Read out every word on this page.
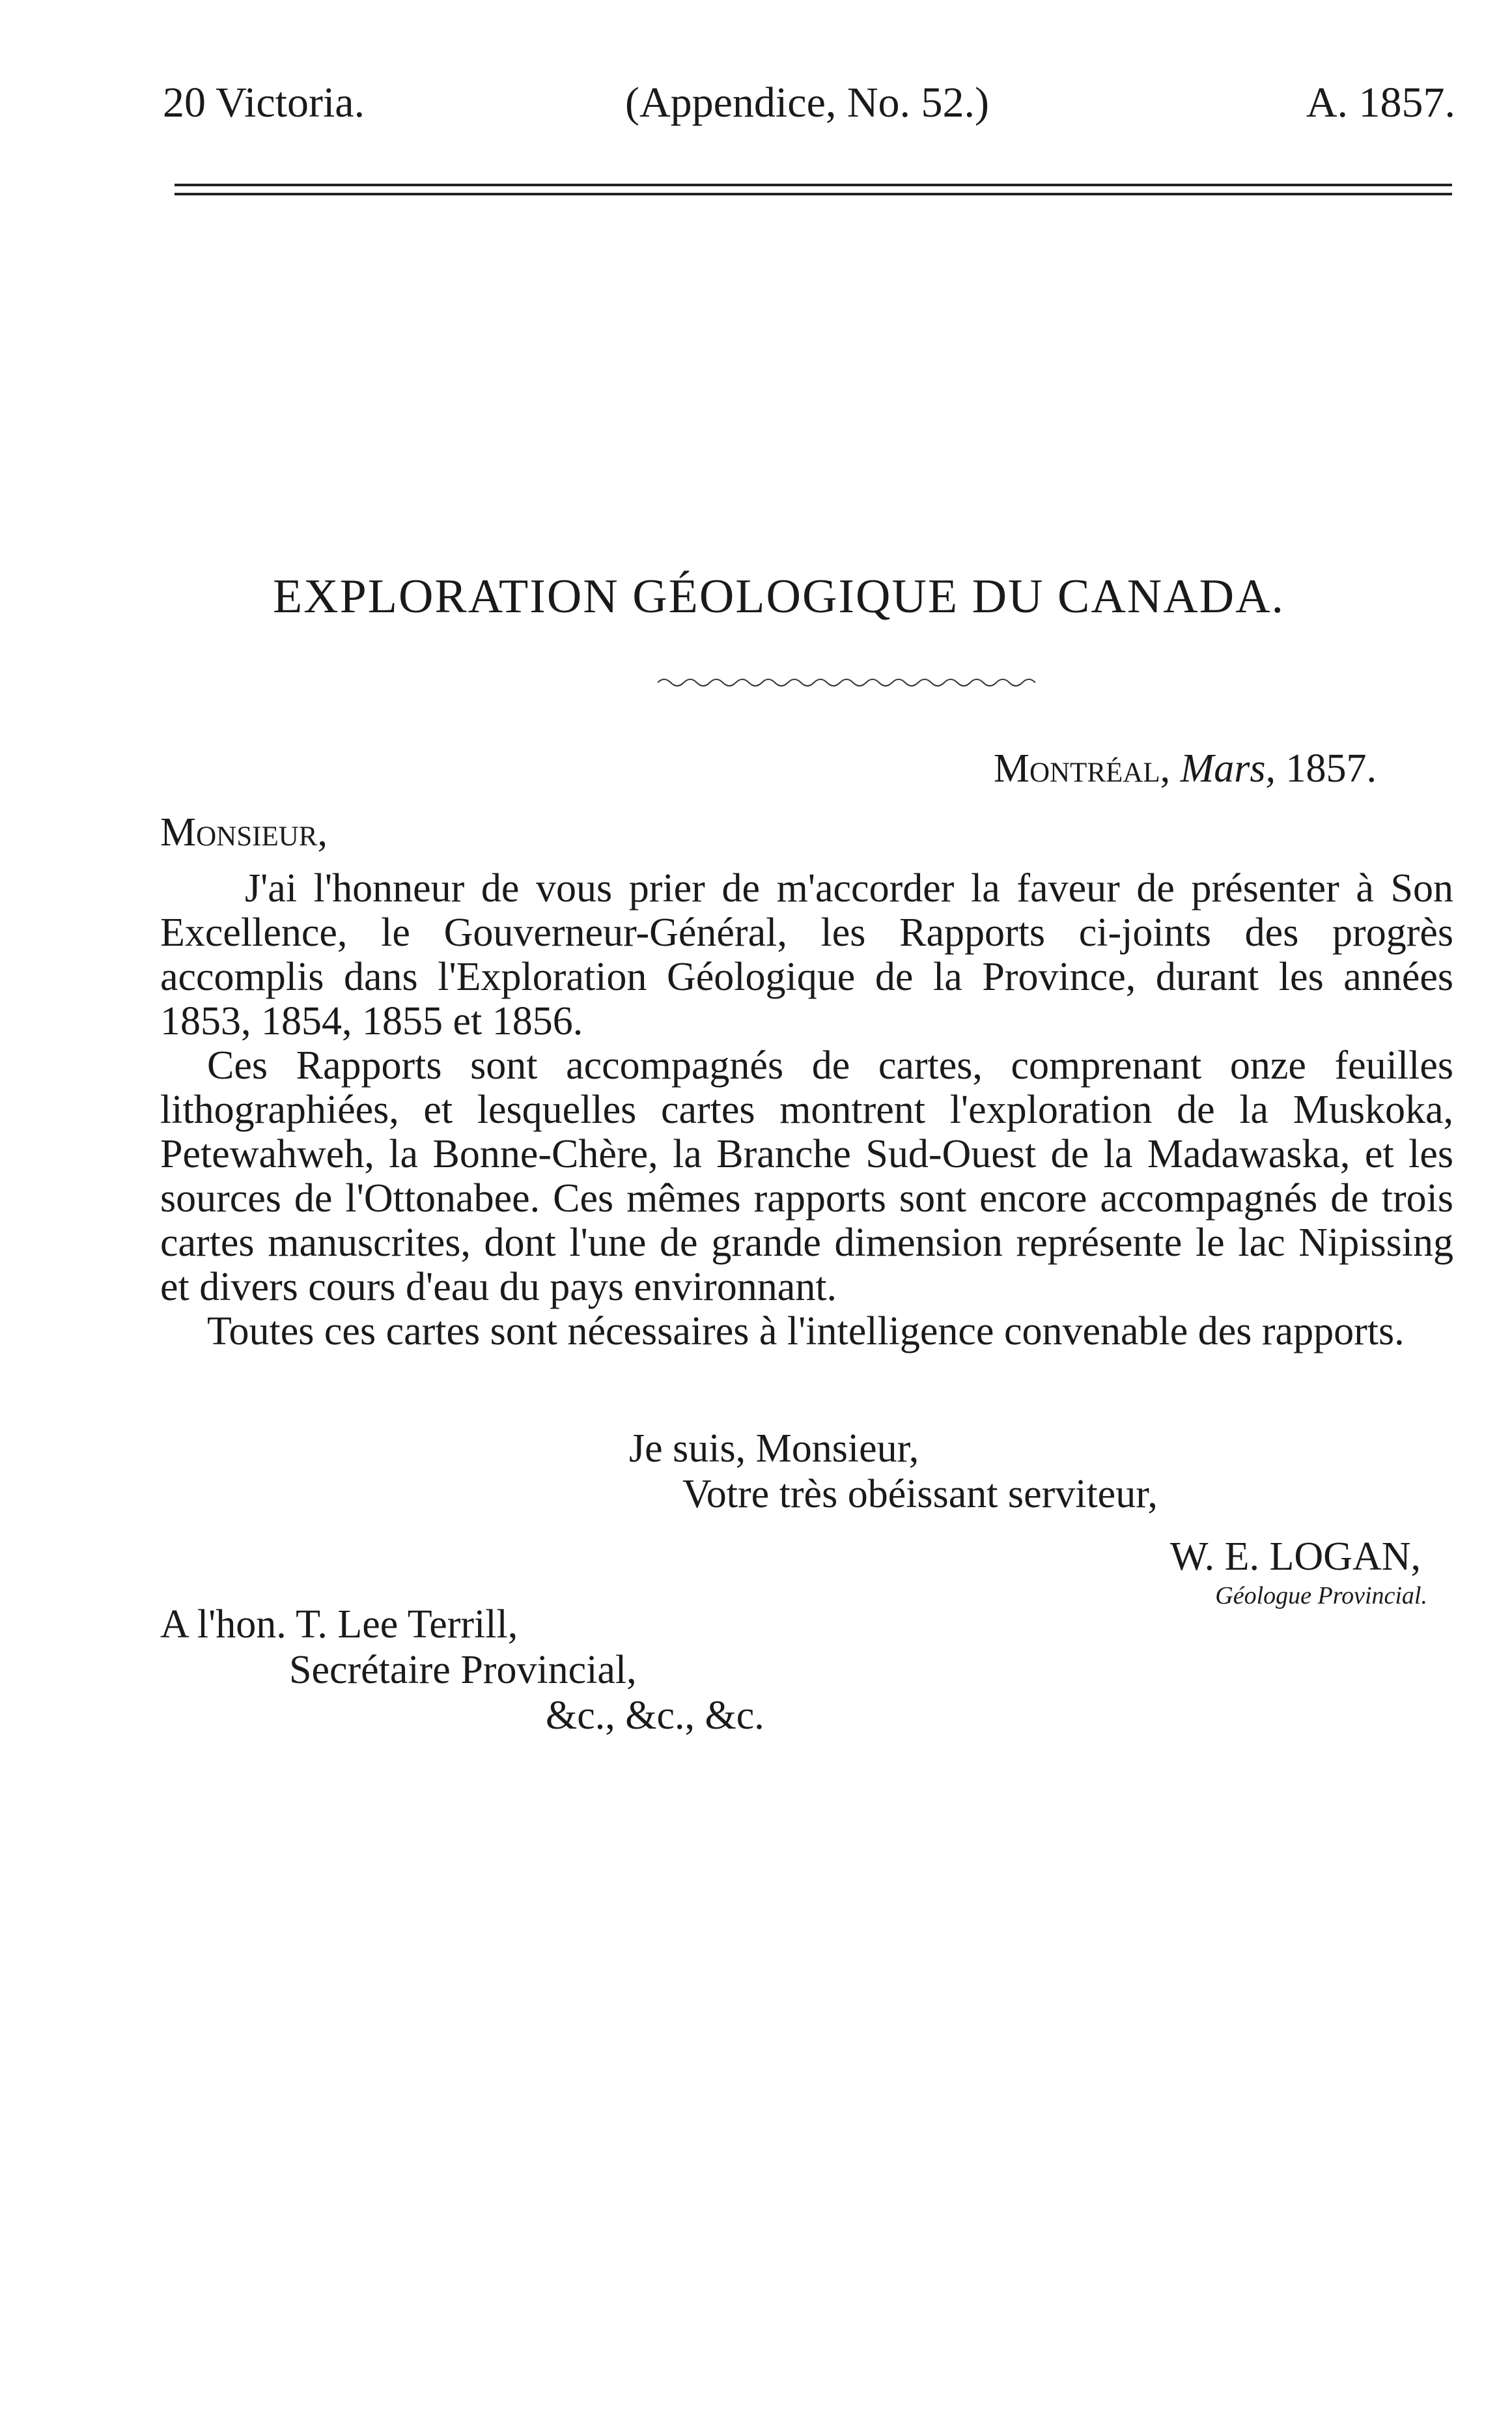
20 Victoria.	(Appendice, No. 52.)	A. 1857.
EXPLORATION GÉOLOGIQUE DU CANADA.
Montréal, Mars, 1857.
Monsieur,

J'ai l'honneur de vous prier de m'accorder la faveur de présenter à Son Excellence, le Gouverneur-Général, les Rapports ci-joints des progrès accomplis dans l'Exploration Géologique de la Province, durant les années 1853, 1854, 1855 et 1856.

Ces Rapports sont accompagnés de cartes, comprenant onze feuilles lithographiées, et lesquelles cartes montrent l'exploration de la Muskoka, Petewahweh, la Bonne-Chère, la Branche Sud-Ouest de la Madawaska, et les sources de l'Ottonabee. Ces mêmes rapports sont encore accompagnés de trois cartes manuscrites, dont l'une de grande dimension représente le lac Nipissing et divers cours d'eau du pays environnant.

Toutes ces cartes sont nécessaires à l'intelligence convenable des rapports.

Je suis, Monsieur,
Votre très obéissant serviteur,
W. E. LOGAN,
Géologue Provincial.
A l'hon. T. Lee Terrill,
Secrétaire Provincial,
&c., &c., &c.
